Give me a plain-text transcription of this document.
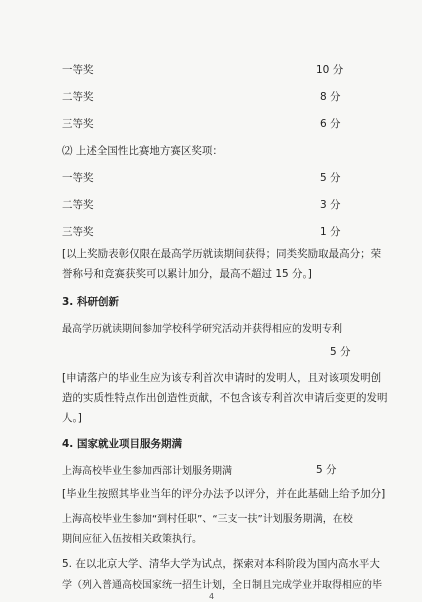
一等奖	10 分
二等奖	8 分
三等奖	6 分
⑵ 上述全国性比赛地方赛区奖项：
一等奖	5 分
二等奖	3 分
三等奖	1 分
[以上奖励表彰仅限在最高学历就读期间获得；同类奖励取最高分；荣
誉称号和竞赛获奖可以累计加分，最高不超过 15 分。]
3. 科研创新
最高学历就读期间参加学校科学研究活动并获得相应的发明专利
5 分
[申请落户的毕业生应为该专利首次申请时的发明人，且对该项发明创
造的实质性特点作出创造性贡献，不包含该专利首次申请后变更的发明
人。]
4. 国家就业项目服务期满
上海高校毕业生参加西部计划服务期满	5 分
[毕业生按照其毕业当年的评分办法予以评分，并在此基础上给予加分]
上海高校毕业生参加“到村任职”、“三支一扶”计划服务期满，在校
期间应征入伍按相关政策执行。
5. 在以北京大学、清华大学为试点，探索对本科阶段为国内高水平大
学（列入普通高校国家统一招生计划，全日制且完成学业并取得相应的毕
4
